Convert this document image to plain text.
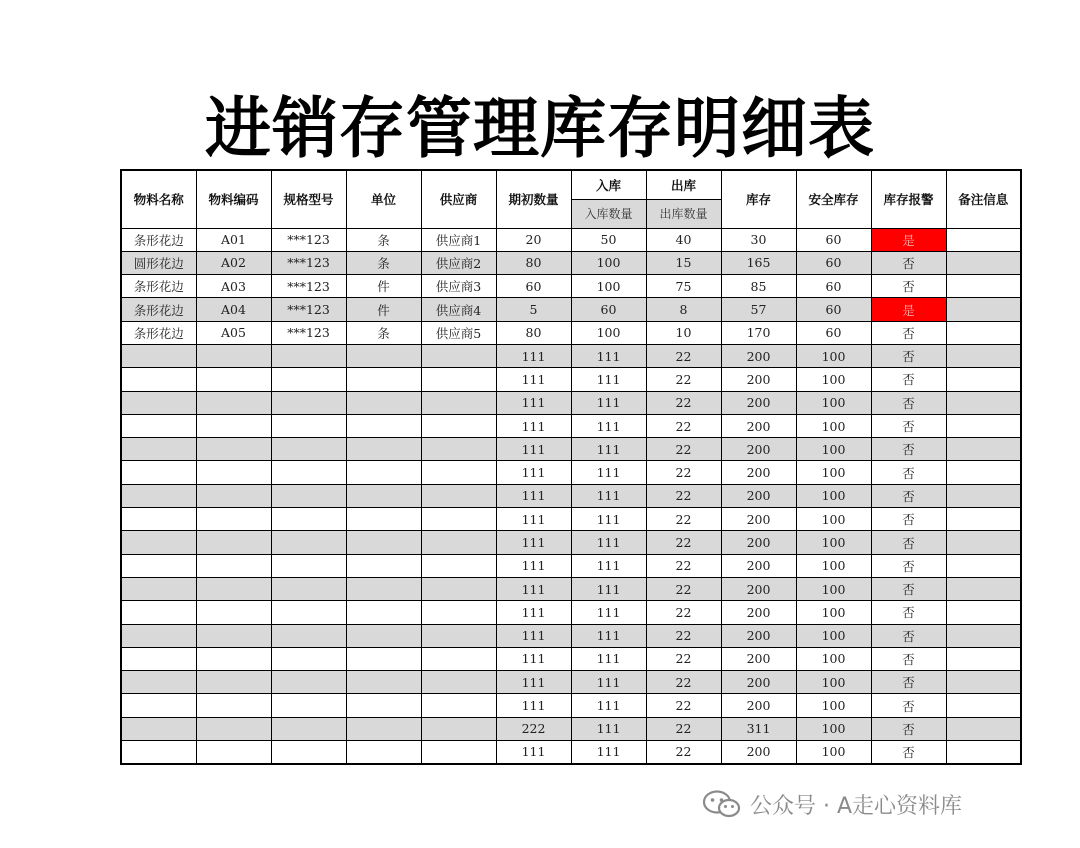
进销存管理库存明细表
物料名称	物料编码	规格型号	单位	供应商	期初数量	入库	出库	库存	安全库存	库存报警	备注信息
						入库数量	出库数量				
条形花边	A01	***123	条	供应商1	20	50	40	30	60	是	
圆形花边	A02	***123	条	供应商2	80	100	15	165	60	否	
条形花边	A03	***123	件	供应商3	60	100	75	85	60	否	
条形花边	A04	***123	件	供应商4	5	60	8	57	60	是	
条形花边	A05	***123	条	供应商5	80	100	10	170	60	否	
					111	111	22	200	100	否	
					111	111	22	200	100	否	
					111	111	22	200	100	否	
					111	111	22	200	100	否	
					111	111	22	200	100	否	
					111	111	22	200	100	否	
					111	111	22	200	100	否	
					111	111	22	200	100	否	
					111	111	22	200	100	否	
					111	111	22	200	100	否	
					111	111	22	200	100	否	
					111	111	22	200	100	否	
					111	111	22	200	100	否	
					111	111	22	200	100	否	
					111	111	22	200	100	否	
					111	111	22	200	100	否	
					222	111	22	311	100	否	
					111	111	22	200	100	否	
公众号 · A走心资料库
